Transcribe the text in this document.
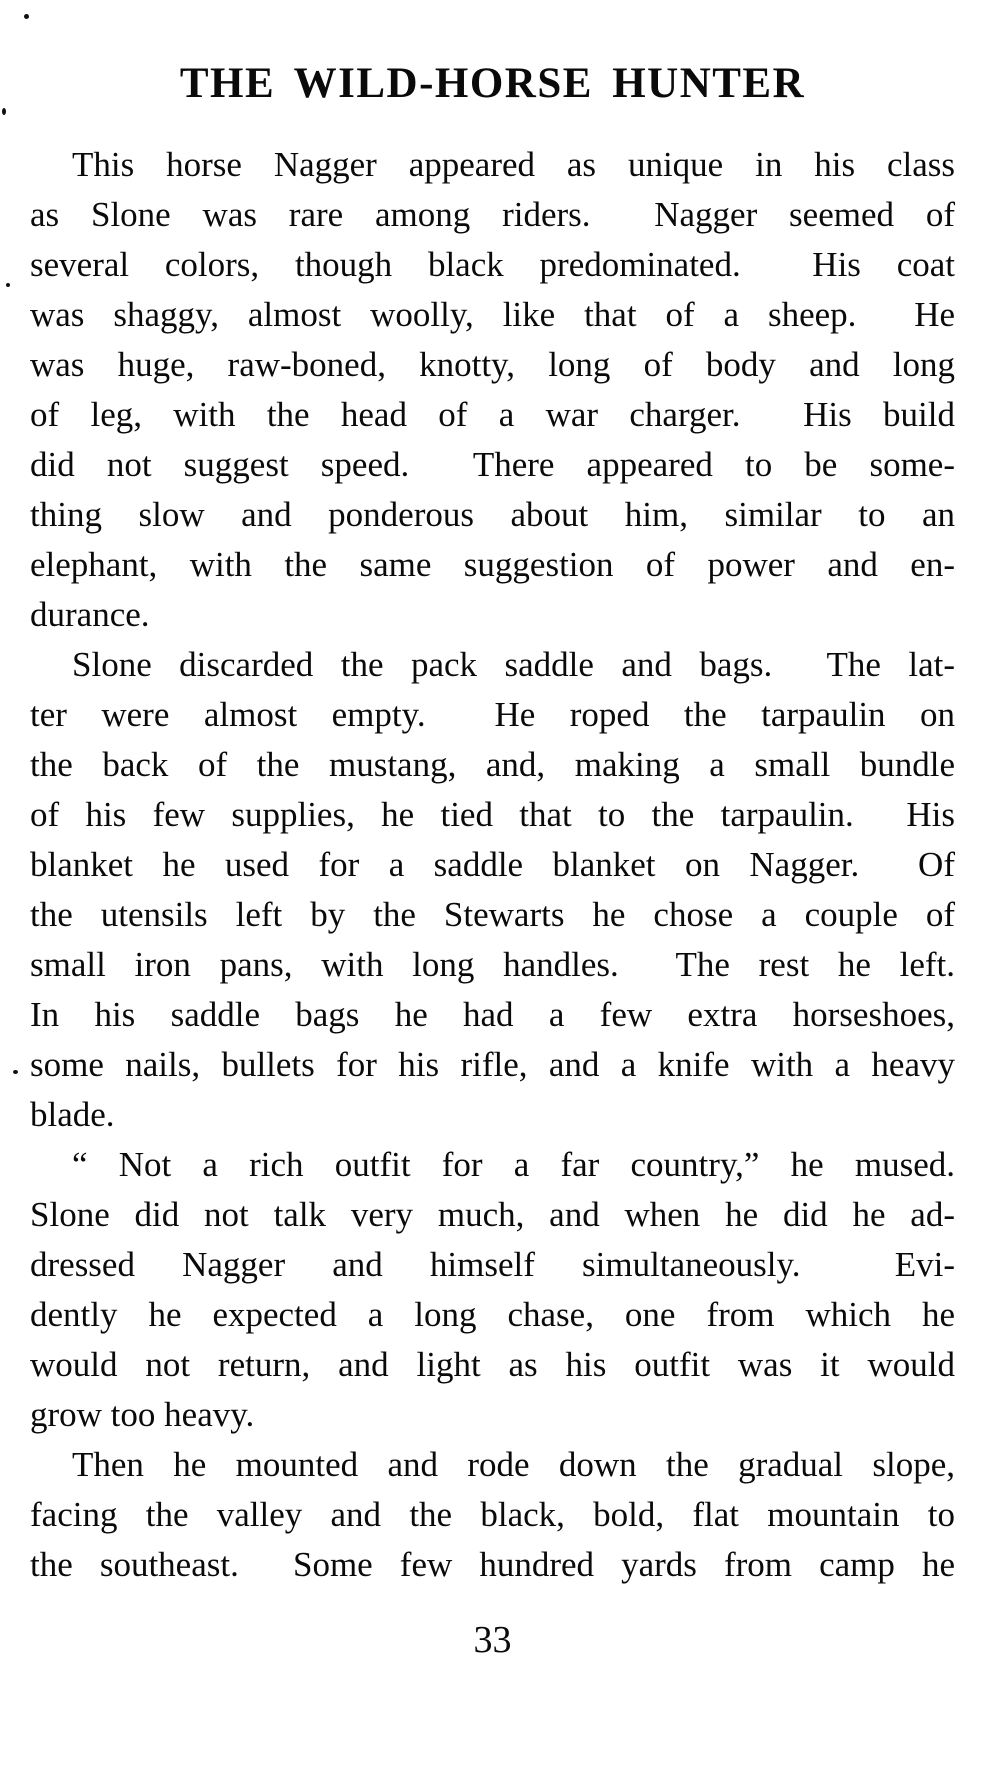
THE WILD-HORSE HUNTER
This horse Nagger appeared as unique in his class
as Slone was rare among riders.  Nagger seemed of
several colors, though black predominated.  His coat
was shaggy, almost woolly, like that of a sheep.  He
was huge, raw-boned, knotty, long of body and long
of leg, with the head of a war charger.  His build
did not suggest speed.  There appeared to be some-
thing slow and ponderous about him, similar to an
elephant, with the same suggestion of power and en-
durance.
Slone discarded the pack saddle and bags.  The lat-
ter were almost empty.  He roped the tarpaulin on
the back of the mustang, and, making a small bundle
of his few supplies, he tied that to the tarpaulin.  His
blanket he used for a saddle blanket on Nagger.  Of
the utensils left by the Stewarts he chose a couple of
small iron pans, with long handles.  The rest he left.
In his saddle bags he had a few extra horseshoes,
some nails, bullets for his rifle, and a knife with a heavy
blade.
“ Not a rich outfit for a far country,” he mused.
Slone did not talk very much, and when he did he ad-
dressed Nagger and himself simultaneously.  Evi-
dently he expected a long chase, one from which he
would not return, and light as his outfit was it would
grow too heavy.
Then he mounted and rode down the gradual slope,
facing the valley and the black, bold, flat mountain to
the southeast.  Some few hundred yards from camp he
33
